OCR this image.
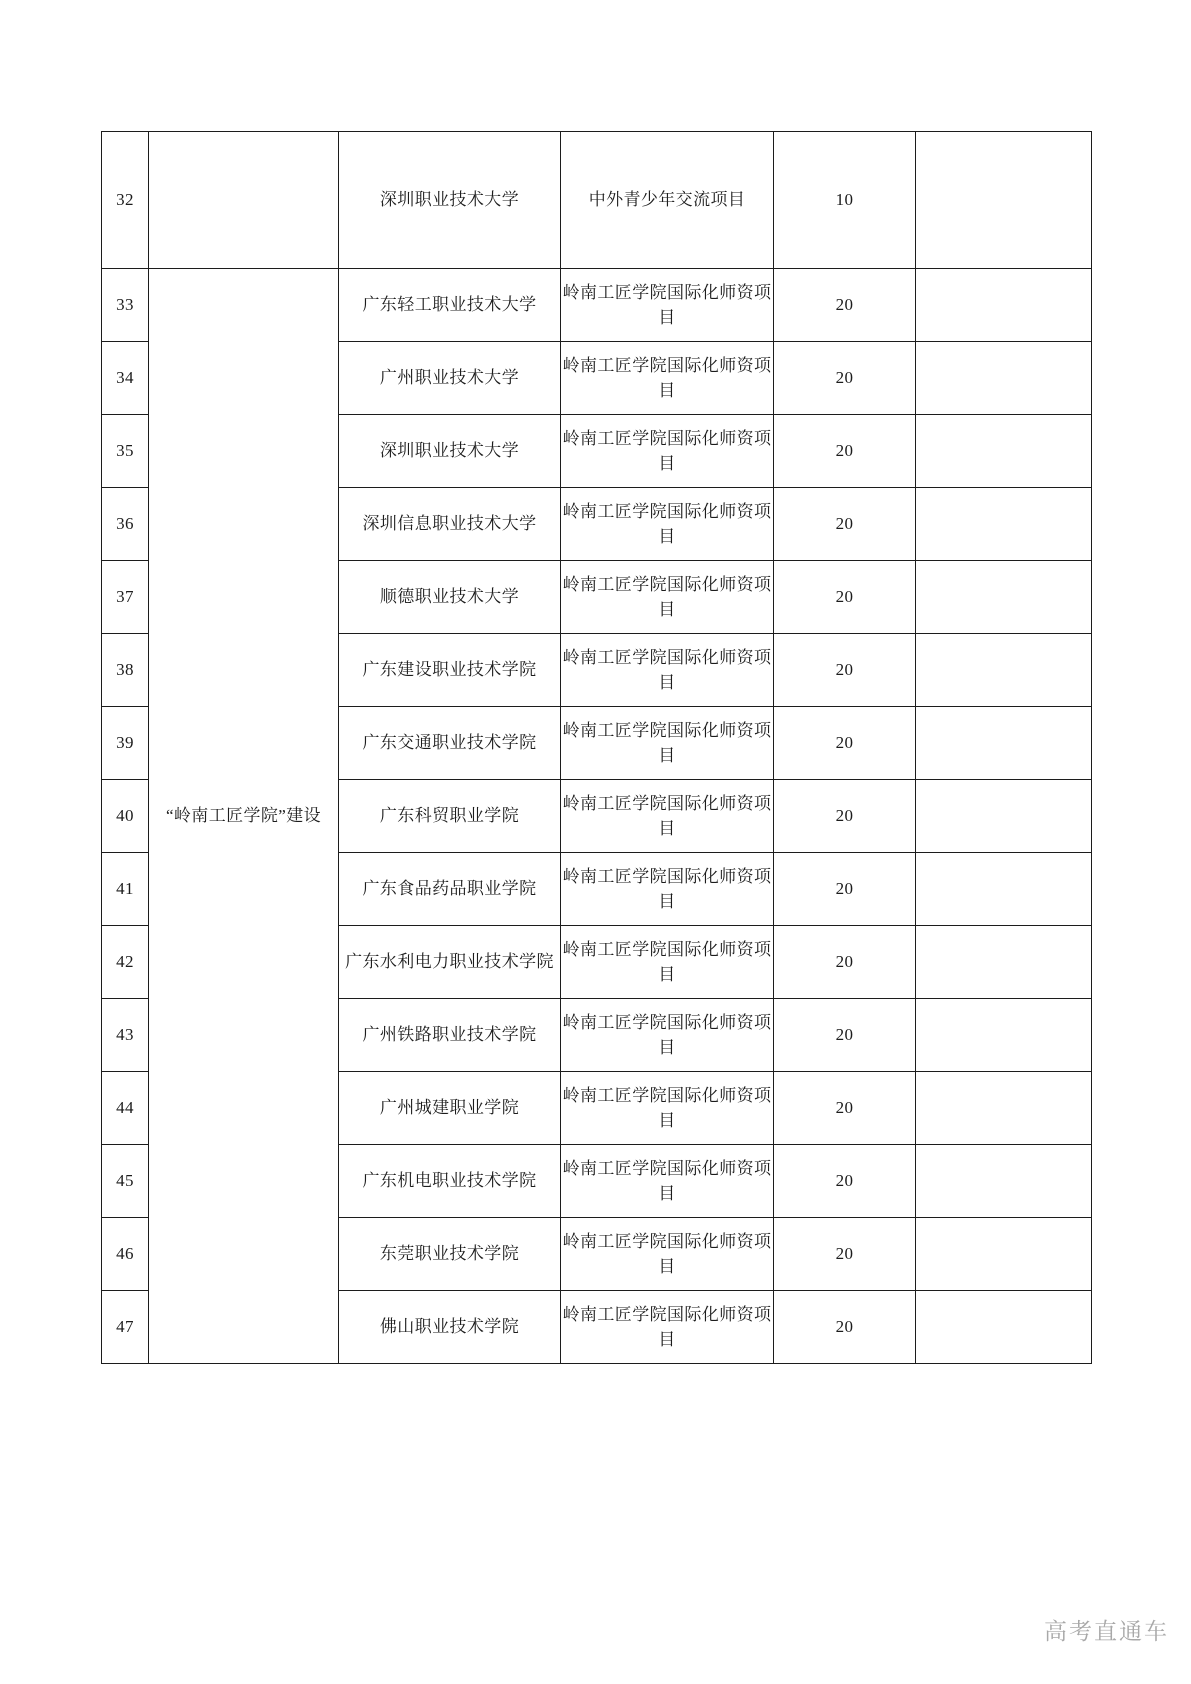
32		深圳职业技术大学	中外青少年交流项目	10	
33	“岭南工匠学院”建设	广东轻工职业技术大学	岭南工匠学院国际化师资项目	20	
34		广州职业技术大学	岭南工匠学院国际化师资项目	20	
35		深圳职业技术大学	岭南工匠学院国际化师资项目	20	
36		深圳信息职业技术大学	岭南工匠学院国际化师资项目	20	
37		顺德职业技术大学	岭南工匠学院国际化师资项目	20	
38		广东建设职业技术学院	岭南工匠学院国际化师资项目	20	
39		广东交通职业技术学院	岭南工匠学院国际化师资项目	20	
40		广东科贸职业学院	岭南工匠学院国际化师资项目	20	
41		广东食品药品职业学院	岭南工匠学院国际化师资项目	20	
42		广东水利电力职业技术学院	岭南工匠学院国际化师资项目	20	
43		广州铁路职业技术学院	岭南工匠学院国际化师资项目	20	
44		广州城建职业学院	岭南工匠学院国际化师资项目	20	
45		广东机电职业技术学院	岭南工匠学院国际化师资项目	20	
46		东莞职业技术学院	岭南工匠学院国际化师资项目	20	
47		佛山职业技术学院	岭南工匠学院国际化师资项目	20	
高考直通车
